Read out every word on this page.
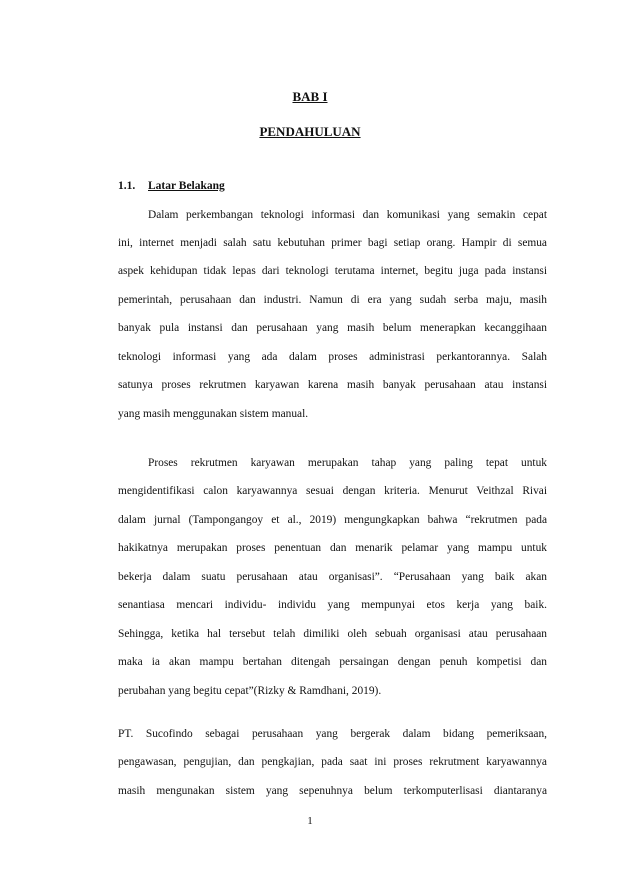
BAB I
PENDAHULUAN
1.1. Latar Belakang
Dalam perkembangan teknologi informasi dan komunikasi yang semakin cepat
ini, internet menjadi salah satu kebutuhan primer bagi setiap orang. Hampir di semua
aspek kehidupan tidak lepas dari teknologi terutama internet, begitu juga pada instansi
pemerintah, perusahaan dan industri. Namun di era yang sudah serba maju, masih
banyak pula instansi dan perusahaan yang masih belum menerapkan kecanggihaan
teknologi informasi yang ada dalam proses administrasi perkantorannya. Salah
satunya proses rekrutmen karyawan karena masih banyak perusahaan atau instansi
yang masih menggunakan sistem manual.
Proses rekrutmen karyawan merupakan tahap yang paling tepat untuk
mengidentifikasi calon karyawannya sesuai dengan kriteria. Menurut Veithzal Rivai
dalam jurnal (Tampongangoy et al., 2019) mengungkapkan bahwa “rekrutmen pada
hakikatnya merupakan proses penentuan dan menarik pelamar yang mampu untuk
bekerja dalam suatu perusahaan atau organisasi”. “Perusahaan yang baik akan
senantiasa mencari individu- individu yang mempunyai etos kerja yang baik.
Sehingga, ketika hal tersebut telah dimiliki oleh sebuah organisasi atau perusahaan
maka ia akan mampu bertahan ditengah persaingan dengan penuh kompetisi dan
perubahan yang begitu cepat”(Rizky & Ramdhani, 2019).
PT. Sucofindo sebagai perusahaan yang bergerak dalam bidang pemeriksaan,
pengawasan, pengujian, dan pengkajian, pada saat ini proses rekrutment karyawannya
masih mengunakan sistem yang sepenuhnya belum terkomputerlisasi diantaranya
1
